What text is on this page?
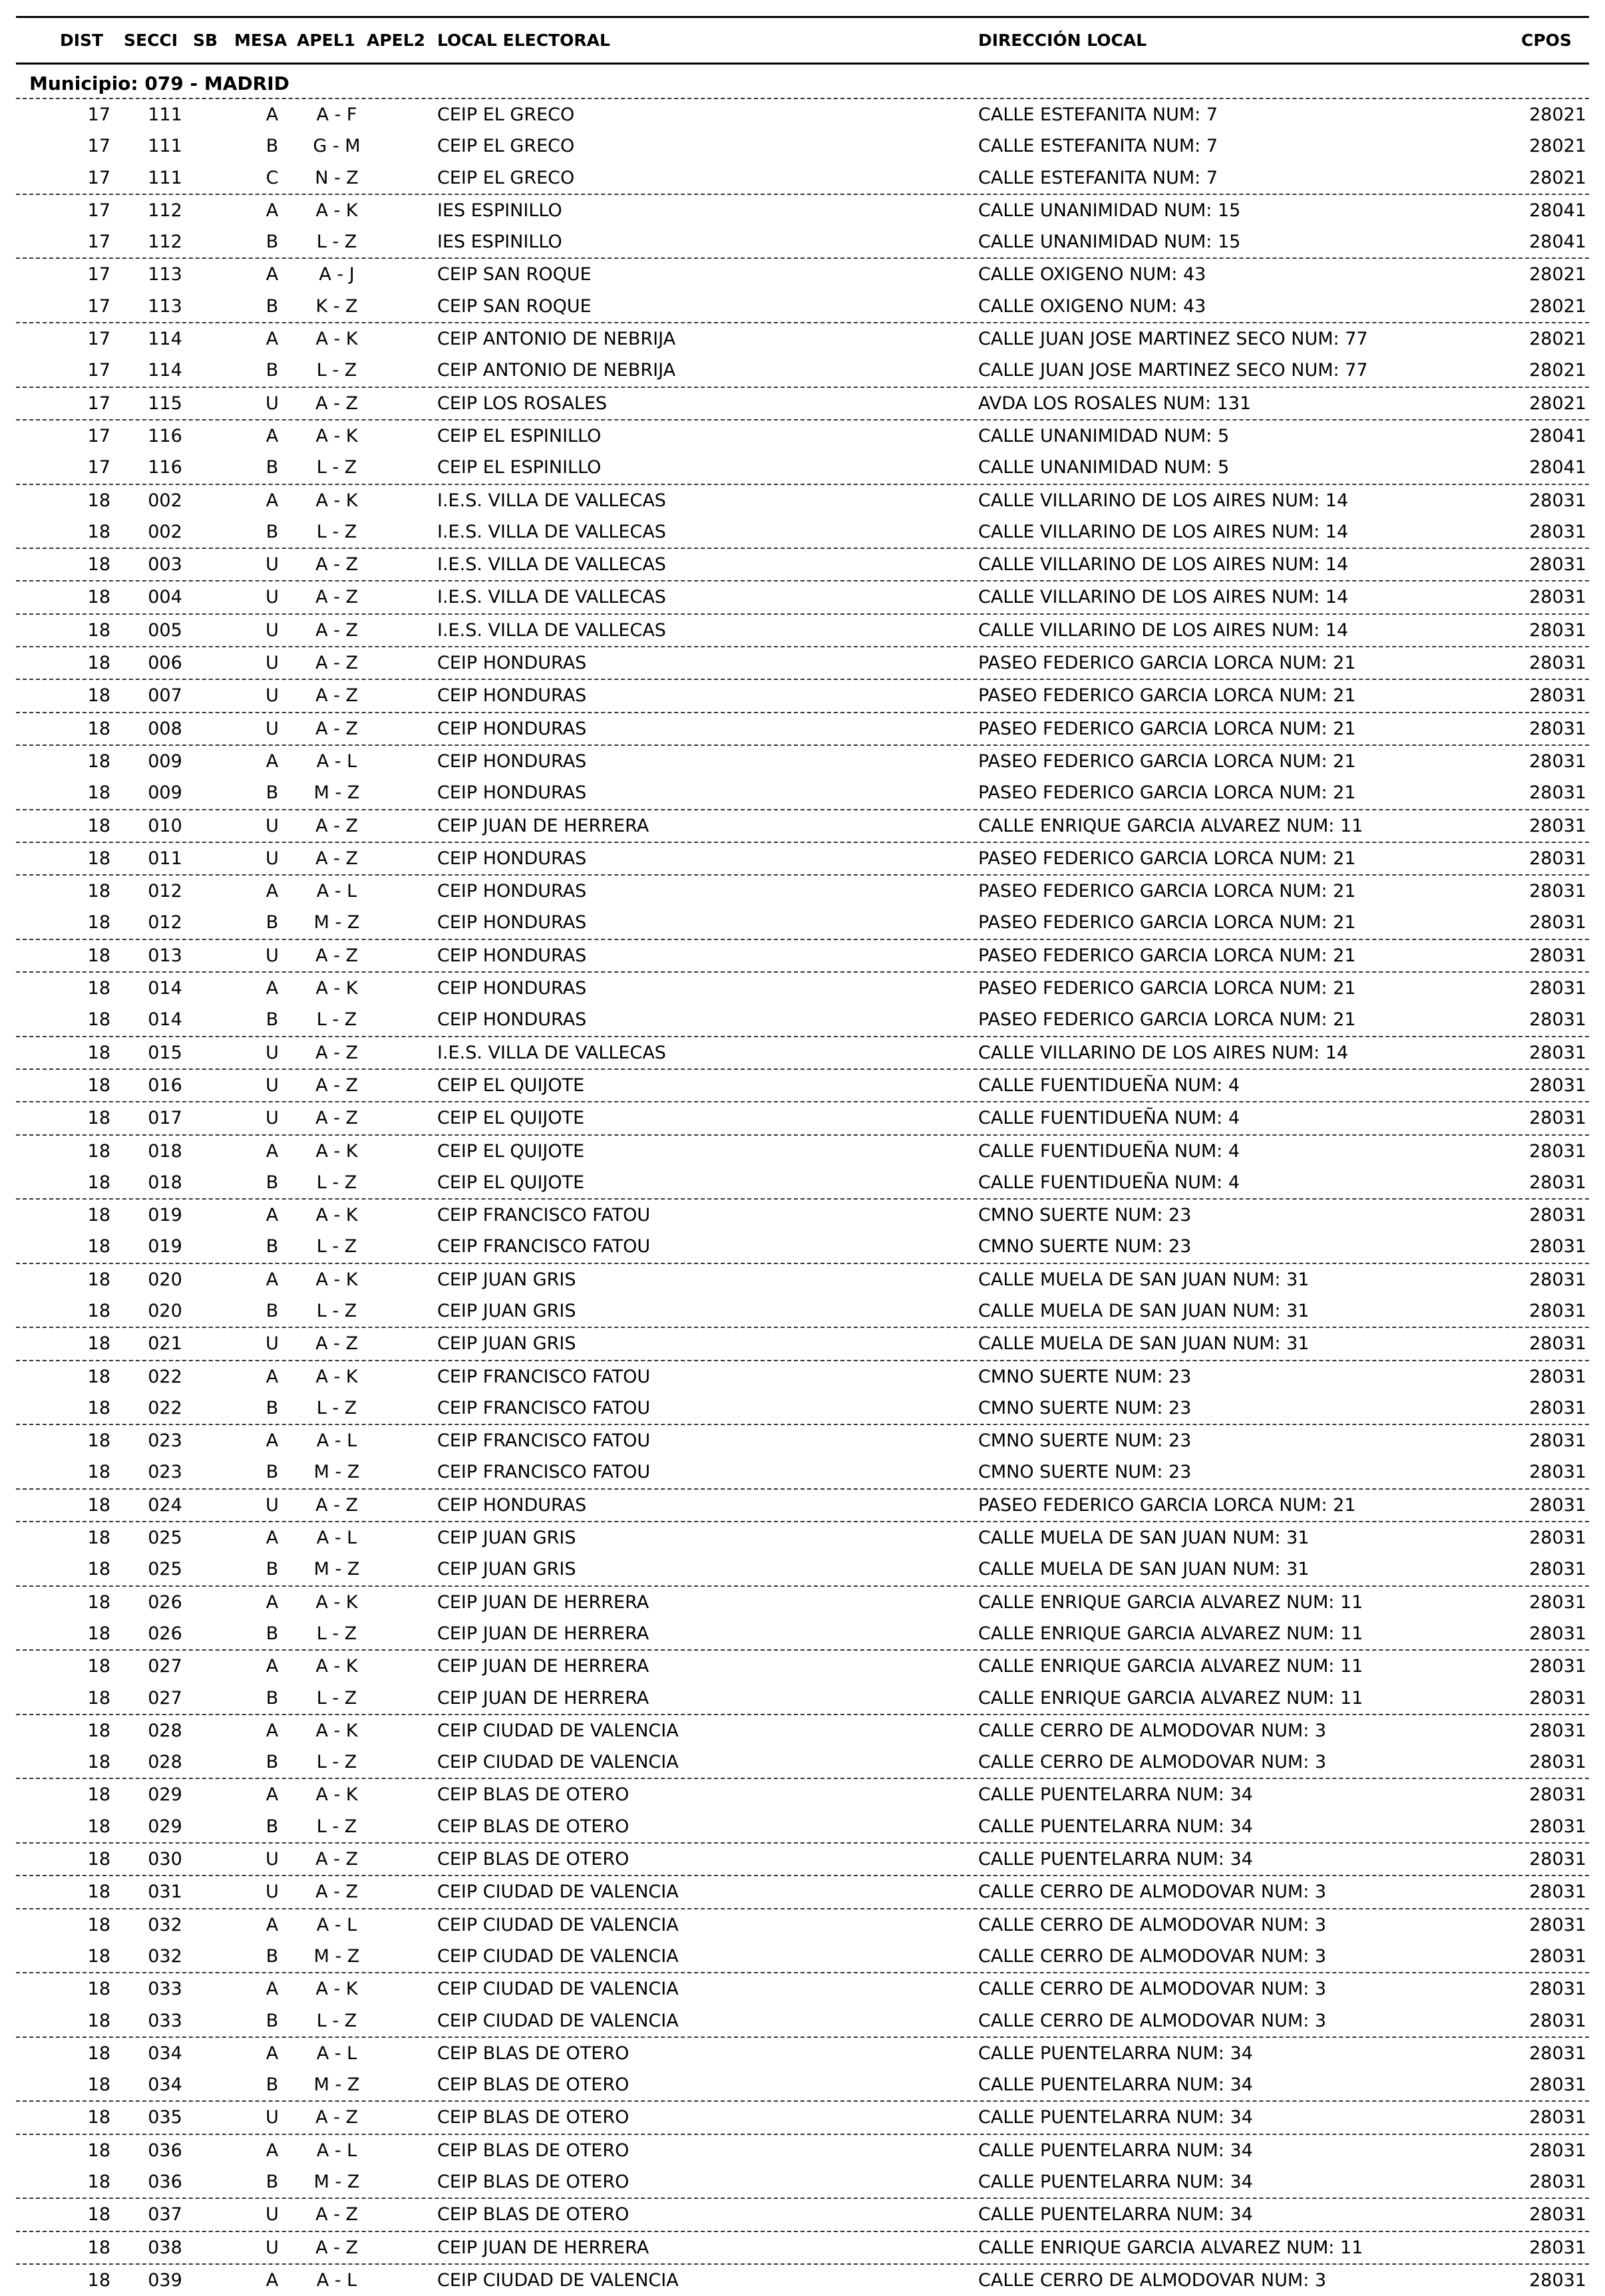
DIST	SECCI SB MESA APEL1 APEL2 LOCAL ELECTORAL	DIRECCIÓN LOCAL	CPOS
Municipio: 079 - MADRID
17	111	A	A - F	CEIP EL GRECO	CALLE ESTEFANITA NUM: 7	28021
17	111	B	G - M	CEIP EL GRECO	CALLE ESTEFANITA NUM: 7	28021
17	111	C	N - Z	CEIP EL GRECO	CALLE ESTEFANITA NUM: 7	28021
17	112	A	A - K	IES ESPINILLO	CALLE UNANIMIDAD NUM: 15	28041
17	112	B	L - Z	IES ESPINILLO	CALLE UNANIMIDAD NUM: 15	28041
17	113	A	A - J	CEIP SAN ROQUE	CALLE OXIGENO NUM: 43	28021
17	113	B	K - Z	CEIP SAN ROQUE	CALLE OXIGENO NUM: 43	28021
17	114	A	A - K	CEIP ANTONIO DE NEBRIJA	CALLE JUAN JOSE MARTINEZ SECO NUM: 77	28021
17	114	B	L - Z	CEIP ANTONIO DE NEBRIJA	CALLE JUAN JOSE MARTINEZ SECO NUM: 77	28021
17	115	U	A - Z	CEIP LOS ROSALES	AVDA LOS ROSALES NUM: 131	28021
17	116	A	A - K	CEIP EL ESPINILLO	CALLE UNANIMIDAD NUM: 5	28041
17	116	B	L - Z	CEIP EL ESPINILLO	CALLE UNANIMIDAD NUM: 5	28041
18	002	A	A - K	I.E.S. VILLA DE VALLECAS	CALLE VILLARINO DE LOS AIRES NUM: 14	28031
18	002	B	L - Z	I.E.S. VILLA DE VALLECAS	CALLE VILLARINO DE LOS AIRES NUM: 14	28031
18	003	U	A - Z	I.E.S. VILLA DE VALLECAS	CALLE VILLARINO DE LOS AIRES NUM: 14	28031
18	004	U	A - Z	I.E.S. VILLA DE VALLECAS	CALLE VILLARINO DE LOS AIRES NUM: 14	28031
18	005	U	A - Z	I.E.S. VILLA DE VALLECAS	CALLE VILLARINO DE LOS AIRES NUM: 14	28031
18	006	U	A - Z	CEIP HONDURAS	PASEO FEDERICO GARCIA LORCA NUM: 21	28031
18	007	U	A - Z	CEIP HONDURAS	PASEO FEDERICO GARCIA LORCA NUM: 21	28031
18	008	U	A - Z	CEIP HONDURAS	PASEO FEDERICO GARCIA LORCA NUM: 21	28031
18	009	A	A - L	CEIP HONDURAS	PASEO FEDERICO GARCIA LORCA NUM: 21	28031
18	009	B	M - Z	CEIP HONDURAS	PASEO FEDERICO GARCIA LORCA NUM: 21	28031
18	010	U	A - Z	CEIP JUAN DE HERRERA	CALLE ENRIQUE GARCIA ALVAREZ NUM: 11	28031
18	011	U	A - Z	CEIP HONDURAS	PASEO FEDERICO GARCIA LORCA NUM: 21	28031
18	012	A	A - L	CEIP HONDURAS	PASEO FEDERICO GARCIA LORCA NUM: 21	28031
18	012	B	M - Z	CEIP HONDURAS	PASEO FEDERICO GARCIA LORCA NUM: 21	28031
18	013	U	A - Z	CEIP HONDURAS	PASEO FEDERICO GARCIA LORCA NUM: 21	28031
18	014	A	A - K	CEIP HONDURAS	PASEO FEDERICO GARCIA LORCA NUM: 21	28031
18	014	B	L - Z	CEIP HONDURAS	PASEO FEDERICO GARCIA LORCA NUM: 21	28031
18	015	U	A - Z	I.E.S. VILLA DE VALLECAS	CALLE VILLARINO DE LOS AIRES NUM: 14	28031
18	016	U	A - Z	CEIP EL QUIJOTE	CALLE FUENTIDUEÑA NUM: 4	28031
18	017	U	A - Z	CEIP EL QUIJOTE	CALLE FUENTIDUEÑA NUM: 4	28031
18	018	A	A - K	CEIP EL QUIJOTE	CALLE FUENTIDUEÑA NUM: 4	28031
18	018	B	L - Z	CEIP EL QUIJOTE	CALLE FUENTIDUEÑA NUM: 4	28031
18	019	A	A - K	CEIP FRANCISCO FATOU	CMNO SUERTE NUM: 23	28031
18	019	B	L - Z	CEIP FRANCISCO FATOU	CMNO SUERTE NUM: 23	28031
18	020	A	A - K	CEIP JUAN GRIS	CALLE MUELA DE SAN JUAN NUM: 31	28031
18	020	B	L - Z	CEIP JUAN GRIS	CALLE MUELA DE SAN JUAN NUM: 31	28031
18	021	U	A - Z	CEIP JUAN GRIS	CALLE MUELA DE SAN JUAN NUM: 31	28031
18	022	A	A - K	CEIP FRANCISCO FATOU	CMNO SUERTE NUM: 23	28031
18	022	B	L - Z	CEIP FRANCISCO FATOU	CMNO SUERTE NUM: 23	28031
18	023	A	A - L	CEIP FRANCISCO FATOU	CMNO SUERTE NUM: 23	28031
18	023	B	M - Z	CEIP FRANCISCO FATOU	CMNO SUERTE NUM: 23	28031
18	024	U	A - Z	CEIP HONDURAS	PASEO FEDERICO GARCIA LORCA NUM: 21	28031
18	025	A	A - L	CEIP JUAN GRIS	CALLE MUELA DE SAN JUAN NUM: 31	28031
18	025	B	M - Z	CEIP JUAN GRIS	CALLE MUELA DE SAN JUAN NUM: 31	28031
18	026	A	A - K	CEIP JUAN DE HERRERA	CALLE ENRIQUE GARCIA ALVAREZ NUM: 11	28031
18	026	B	L - Z	CEIP JUAN DE HERRERA	CALLE ENRIQUE GARCIA ALVAREZ NUM: 11	28031
18	027	A	A - K	CEIP JUAN DE HERRERA	CALLE ENRIQUE GARCIA ALVAREZ NUM: 11	28031
18	027	B	L - Z	CEIP JUAN DE HERRERA	CALLE ENRIQUE GARCIA ALVAREZ NUM: 11	28031
18	028	A	A - K	CEIP CIUDAD DE VALENCIA	CALLE CERRO DE ALMODOVAR NUM: 3	28031
18	028	B	L - Z	CEIP CIUDAD DE VALENCIA	CALLE CERRO DE ALMODOVAR NUM: 3	28031
18	029	A	A - K	CEIP BLAS DE OTERO	CALLE PUENTELARRA NUM: 34	28031
18	029	B	L - Z	CEIP BLAS DE OTERO	CALLE PUENTELARRA NUM: 34	28031
18	030	U	A - Z	CEIP BLAS DE OTERO	CALLE PUENTELARRA NUM: 34	28031
18	031	U	A - Z	CEIP CIUDAD DE VALENCIA	CALLE CERRO DE ALMODOVAR NUM: 3	28031
18	032	A	A - L	CEIP CIUDAD DE VALENCIA	CALLE CERRO DE ALMODOVAR NUM: 3	28031
18	032	B	M - Z	CEIP CIUDAD DE VALENCIA	CALLE CERRO DE ALMODOVAR NUM: 3	28031
18	033	A	A - K	CEIP CIUDAD DE VALENCIA	CALLE CERRO DE ALMODOVAR NUM: 3	28031
18	033	B	L - Z	CEIP CIUDAD DE VALENCIA	CALLE CERRO DE ALMODOVAR NUM: 3	28031
18	034	A	A - L	CEIP BLAS DE OTERO	CALLE PUENTELARRA NUM: 34	28031
18	034	B	M - Z	CEIP BLAS DE OTERO	CALLE PUENTELARRA NUM: 34	28031
18	035	U	A - Z	CEIP BLAS DE OTERO	CALLE PUENTELARRA NUM: 34	28031
18	036	A	A - L	CEIP BLAS DE OTERO	CALLE PUENTELARRA NUM: 34	28031
18	036	B	M - Z	CEIP BLAS DE OTERO	CALLE PUENTELARRA NUM: 34	28031
18	037	U	A - Z	CEIP BLAS DE OTERO	CALLE PUENTELARRA NUM: 34	28031
18	038	U	A - Z	CEIP JUAN DE HERRERA	CALLE ENRIQUE GARCIA ALVAREZ NUM: 11	28031
18	039	A	A - L	CEIP CIUDAD DE VALENCIA	CALLE CERRO DE ALMODOVAR NUM: 3	28031
